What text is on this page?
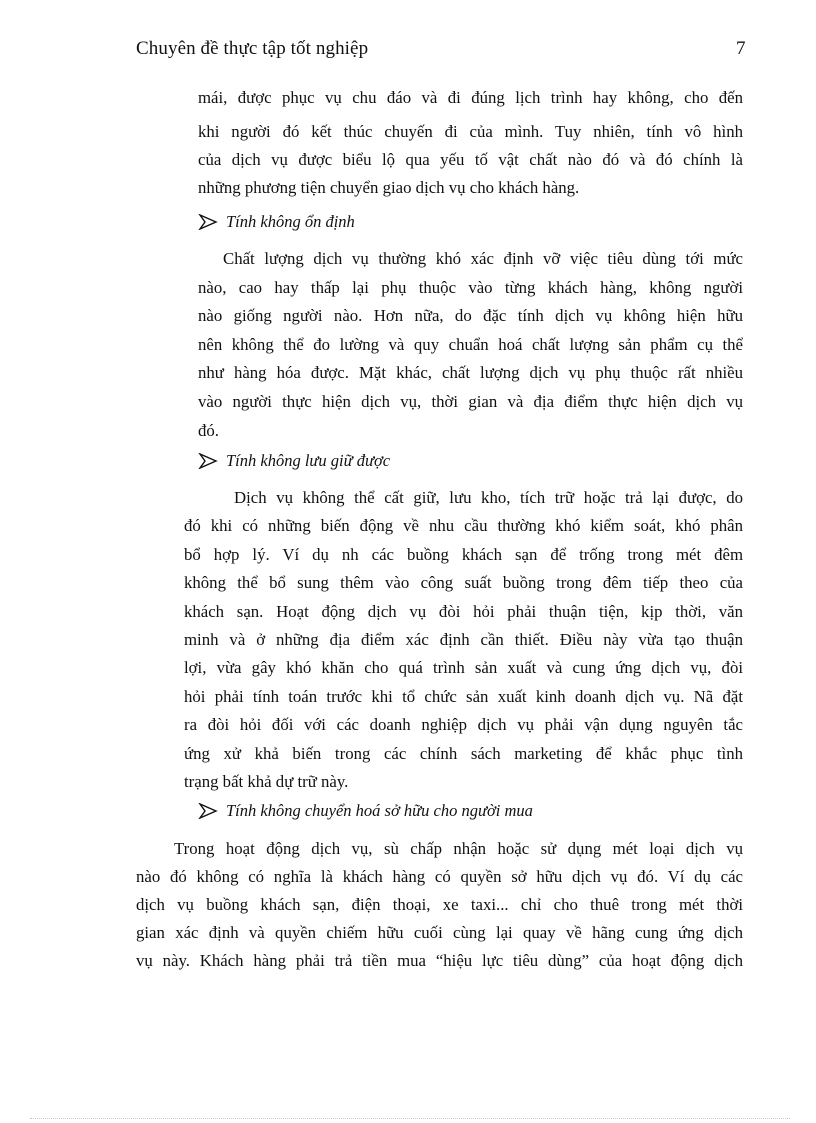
Chuyên đề thực tập tốt nghiệp	7
mái, được phục vụ chu đáo và đi đúng lịch trình hay không, cho đến
khi người đó kết thúc chuyến đi của mình. Tuy nhiên, tính vô hình
của dịch vụ được biểu lộ qua yếu tố vật chất nào đó và đó chính là
những phương tiện chuyển giao dịch vụ cho khách hàng.
Tính không ổn định
Chất lượng dịch vụ thường khó xác định vỡ việc tiêu dùng tới mức
nào, cao hay thấp lại phụ thuộc vào từng khách hàng, không người
nào giống người nào. Hơn nữa, do đặc tính dịch vụ không hiện hữu
nên không thể đo lường và quy chuẩn hoá chất lượng sản phẩm cụ thể
như hàng hóa được. Mặt khác, chất lượng dịch vụ phụ thuộc rất nhiều
vào người thực hiện dịch vụ, thời gian và địa điểm thực hiện dịch vụ
đó.
Tính không lưu giữ được
Dịch vụ không thể cất giữ, lưu kho, tích trữ hoặc trả lại được, do
đó khi có những biến động về nhu cầu thường khó kiểm soát, khó phân
bổ hợp lý. Ví dụ nh các buồng khách sạn để trống trong mét đêm
không thể bổ sung thêm vào công suất buồng trong đêm tiếp theo của
khách sạn. Hoạt động dịch vụ đòi hỏi phải thuận tiện, kịp thời, văn
minh và ở những địa điểm xác định cần thiết. Điều này vừa tạo thuận
lợi, vừa gây khó khăn cho quá trình sản xuất và cung ứng dịch vụ, đòi
hỏi phải tính toán trước khi tổ chức sản xuất kinh doanh dịch vụ. Nã đặt
ra đòi hỏi đối với các doanh nghiệp dịch vụ phải vận dụng nguyên tắc
ứng xử khả biến trong các chính sách marketing để khắc phục tình
trạng bất khả dự trữ này.
Tính không chuyển hoá sở hữu cho người mua
Trong hoạt động dịch vụ, sù chấp nhận hoặc sử dụng mét loại dịch vụ
nào đó không có nghĩa là khách hàng có quyền sở hữu dịch vụ đó. Ví dụ các
dịch vụ buồng khách sạn, điện thoại, xe taxi... chỉ cho thuê trong mét thời
gian xác định và quyền chiếm hữu cuối cùng lại quay về hãng cung ứng dịch
vụ này. Khách hàng phải trả tiền mua “hiệu lực tiêu dùng” của hoạt động dịch
